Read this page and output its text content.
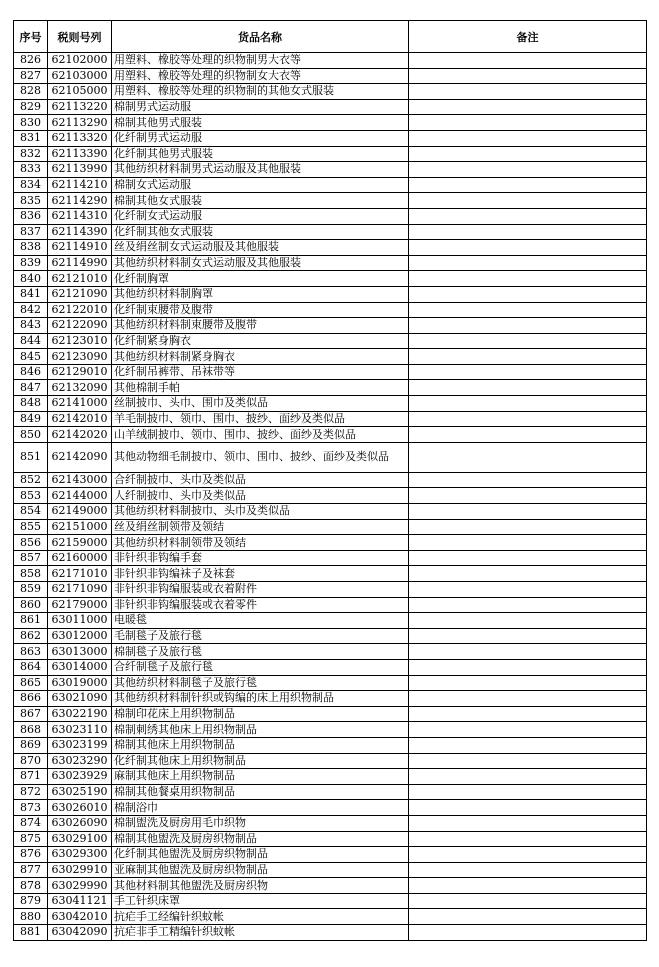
序号	税则号列	货品名称	备注
826	62102000	用塑料、橡胶等处理的织物制男大衣等	
827	62103000	用塑料、橡胶等处理的织物制女大衣等	
828	62105000	用塑料、橡胶等处理的织物制的其他女式服装	
829	62113220	棉制男式运动服	
830	62113290	棉制其他男式服装	
831	62113320	化纤制男式运动服	
832	62113390	化纤制其他男式服装	
833	62113990	其他纺织材料制男式运动服及其他服装	
834	62114210	棉制女式运动服	
835	62114290	棉制其他女式服装	
836	62114310	化纤制女式运动服	
837	62114390	化纤制其他女式服装	
838	62114910	丝及绢丝制女式运动服及其他服装	
839	62114990	其他纺织材料制女式运动服及其他服装	
840	62121010	化纤制胸罩	
841	62121090	其他纺织材料制胸罩	
842	62122010	化纤制束腰带及腹带	
843	62122090	其他纺织材料制束腰带及腹带	
844	62123010	化纤制紧身胸衣	
845	62123090	其他纺织材料制紧身胸衣	
846	62129010	化纤制吊裤带、吊袜带等	
847	62132090	其他棉制手帕	
848	62141000	丝制披巾、头巾、围巾及类似品	
849	62142010	羊毛制披巾、领巾、围巾、披纱、面纱及类似品	
850	62142020	山羊绒制披巾、领巾、围巾、披纱、面纱及类似品	
851	62142090	其他动物细毛制披巾、领巾、围巾、披纱、面纱及类似品	
852	62143000	合纤制披巾、头巾及类似品	
853	62144000	人纤制披巾、头巾及类似品	
854	62149000	其他纺织材料制披巾、头巾及类似品	
855	62151000	丝及绢丝制领带及领结	
856	62159000	其他纺织材料制领带及领结	
857	62160000	非针织非钩编手套	
858	62171010	非针织非钩编袜子及袜套	
859	62171090	非针织非钩编服装或衣着附件	
860	62179000	非针织非钩编服装或衣着零件	
861	63011000	电暖毯	
862	63012000	毛制毯子及旅行毯	
863	63013000	棉制毯子及旅行毯	
864	63014000	合纤制毯子及旅行毯	
865	63019000	其他纺织材料制毯子及旅行毯	
866	63021090	其他纺织材料制针织或钩编的床上用织物制品	
867	63022190	棉制印花床上用织物制品	
868	63023110	棉制刺绣其他床上用织物制品	
869	63023199	棉制其他床上用织物制品	
870	63023290	化纤制其他床上用织物制品	
871	63023929	麻制其他床上用织物制品	
872	63025190	棉制其他餐桌用织物制品	
873	63026010	棉制浴巾	
874	63026090	棉制盥洗及厨房用毛巾织物	
875	63029100	棉制其他盥洗及厨房织物制品	
876	63029300	化纤制其他盥洗及厨房织物制品	
877	63029910	亚麻制其他盥洗及厨房织物制品	
878	63029990	其他材料制其他盥洗及厨房织物	
879	63041121	手工针织床罩	
880	63042010	抗疟手工经编针织蚊帐	
881	63042090	抗疟非手工精编针织蚊帐	
